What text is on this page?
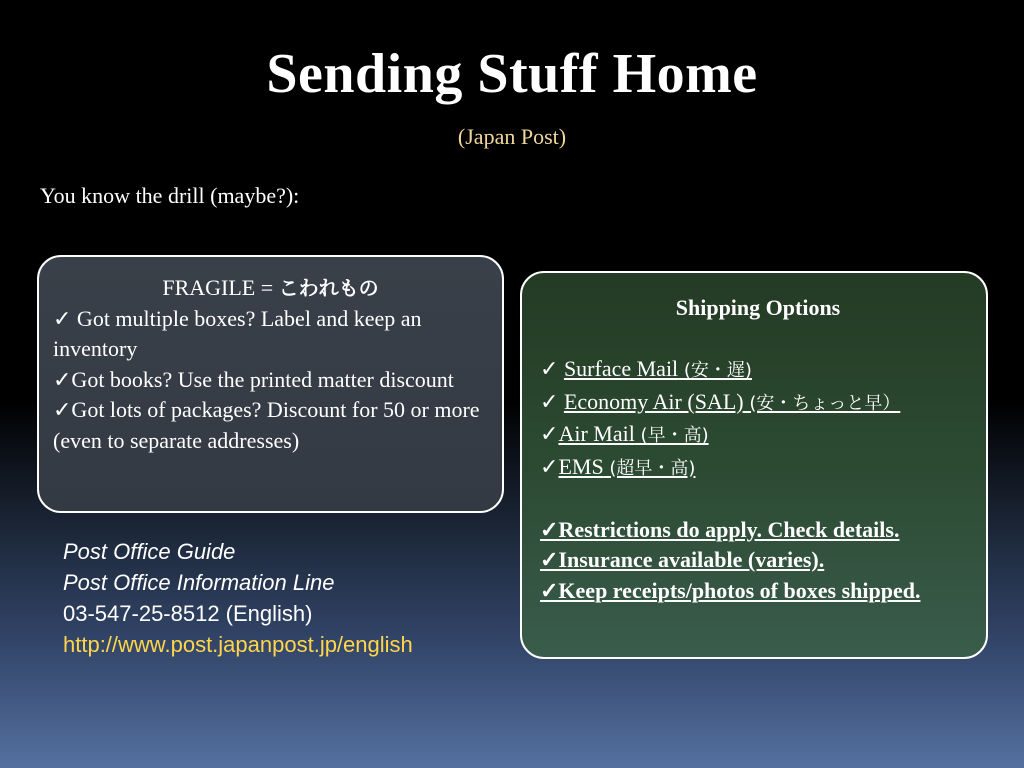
Sending Stuff Home
(Japan Post)
You know the drill (maybe?):
FRAGILE = こわれもの
✓ Got multiple boxes? Label and keep an inventory
✓Got books? Use the printed matter discount
✓Got lots of packages? Discount for 50 or more (even to separate addresses)
Shipping Options
✓ Surface Mail (安・遅)
✓ Economy Air (SAL) (安・ちょっと早）
✓Air Mail (早・高)
✓EMS (超早・高)
✓Restrictions do apply. Check details.
✓Insurance available (varies).
✓Keep receipts/photos of boxes shipped.
Post Office Guide
Post Office Information Line
03-547-25-8512 (English)
http://www.post.japanpost.jp/english
